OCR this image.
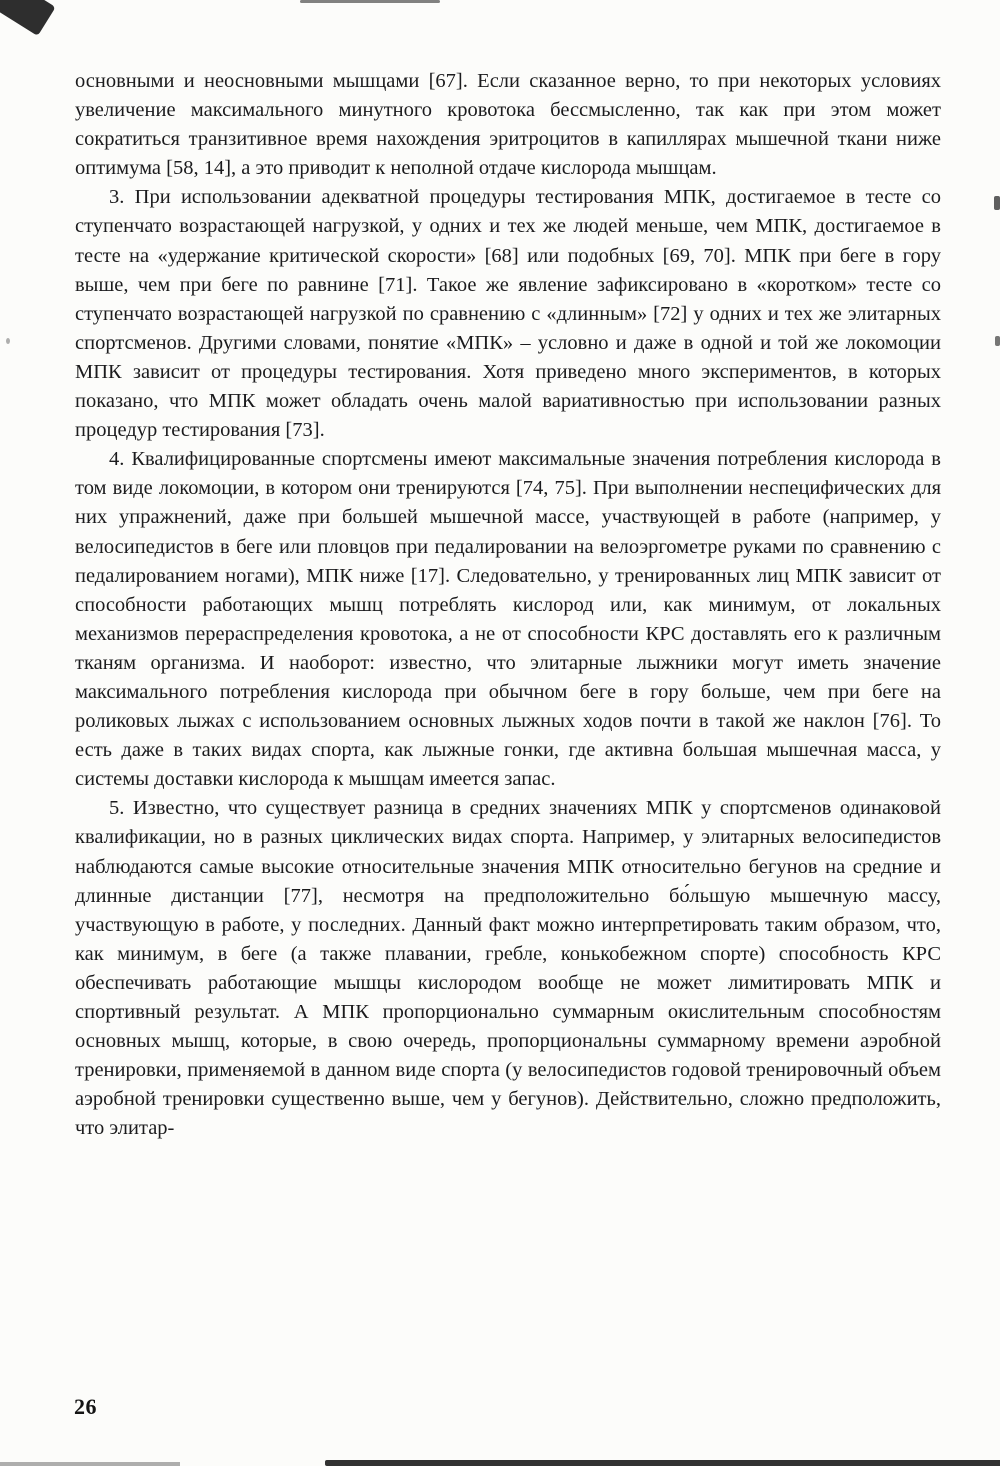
основными и неосновными мышцами [67]. Если сказанное верно, то при некоторых условиях увеличение максимального минутного кровотока бессмысленно, так как при этом может сократиться транзитивное время нахождения эритроцитов в капиллярах мышечной ткани ниже оптимума [58, 14], а это приводит к неполной отдаче кислорода мышцам.

3. При использовании адекватной процедуры тестирования МПК, достигаемое в тесте со ступенчато возрастающей нагрузкой, у одних и тех же людей меньше, чем МПК, достигаемое в тесте на «удержание критической скорости» [68] или подобных [69, 70]. МПК при беге в гору выше, чем при беге по равнине [71]. Такое же явление зафиксировано в «коротком» тесте со ступенчато возрастающей нагрузкой по сравнению с «длинным» [72] у одних и тех же элитарных спортсменов. Другими словами, понятие «МПК» – условно и даже в одной и той же локомоции МПК зависит от процедуры тестирования. Хотя приведено много экспериментов, в которых показано, что МПК может обладать очень малой вариативностью при использовании разных процедур тестирования [73].

4. Квалифицированные спортсмены имеют максимальные значения потребления кислорода в том виде локомоции, в котором они тренируются [74, 75]. При выполнении неспецифических для них упражнений, даже при большей мышечной массе, участвующей в работе (например, у велосипедистов в беге или пловцов при педалировании на велоэргометре руками по сравнению с педалированием ногами), МПК ниже [17]. Следовательно, у тренированных лиц МПК зависит от способности работающих мышц потреблять кислород или, как минимум, от локальных механизмов перераспределения кровотока, а не от способности КРС доставлять его к различным тканям организма. И наоборот: известно, что элитарные лыжники могут иметь значение максимального потребления кислорода при обычном беге в гору больше, чем при беге на роликовых лыжах с использованием основных лыжных ходов почти в такой же наклон [76]. То есть даже в таких видах спорта, как лыжные гонки, где активна большая мышечная масса, у системы доставки кислорода к мышцам имеется запас.

5. Известно, что существует разница в средних значениях МПК у спортсменов одинаковой квалификации, но в разных циклических видах спорта. Например, у элитарных велосипедистов наблюдаются самые высокие относительные значения МПК относительно бегунов на средние и длинные дистанции [77], несмотря на предположительно бо́льшую мышечную массу, участвующую в работе, у последних. Данный факт можно интерпретировать таким образом, что, как минимум, в беге (а также плавании, гребле, конькобежном спорте) способность КРС обеспечивать работающие мышцы кислородом вообще не может лимитировать МПК и спортивный результат. А МПК пропорционально суммарным окислительным способностям основных мышц, которые, в свою очередь, пропорциональны суммарному времени аэробной тренировки, применяемой в данном виде спорта (у велосипедистов годовой тренировочный объем аэробной тренировки существенно выше, чем у бегунов). Действительно, сложно предположить, что элитар-

26
